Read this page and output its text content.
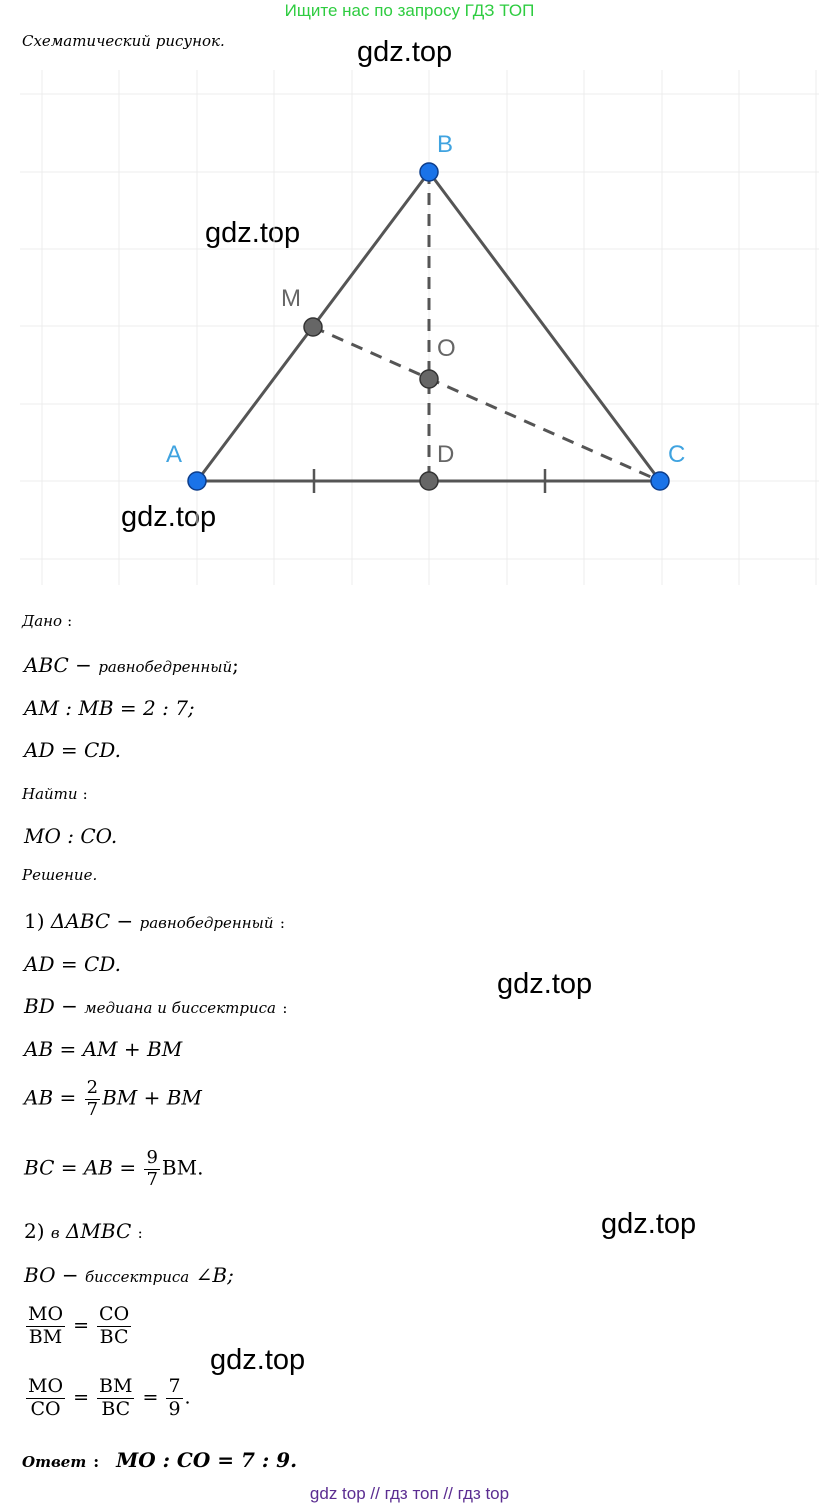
Ищите нас по запросу ГДЗ ТОП
Схематический рисунок.	gdz.top
gdz.top
gdz.top
gdz.top
gdz.top
gdz.top
B
A	C
M
O
D
Дано :
ABC − равнобедренный;
AM : MB = 2 : 7;
AD = CD.
Найти :
MO : CO.
Решение.
1) ΔABC − равнобедренный :
AD = CD.
BD − медиана и биссектриса :
AB = AM + BM
AB = $\frac{2}{7}$ BM + BM
BC = AB = $\frac{9}{7}$ BM.
2) в ΔMBC :
BO − биссектриса ∠B;
$\frac{MO}{BM} = \frac{CO}{BC}$
$\frac{MO}{CO} = \frac{BM}{BC} = \frac{7}{9}$ .
Ответ : MO : CO = 7 : 9.
gdz top // гдз топ // гдз top
